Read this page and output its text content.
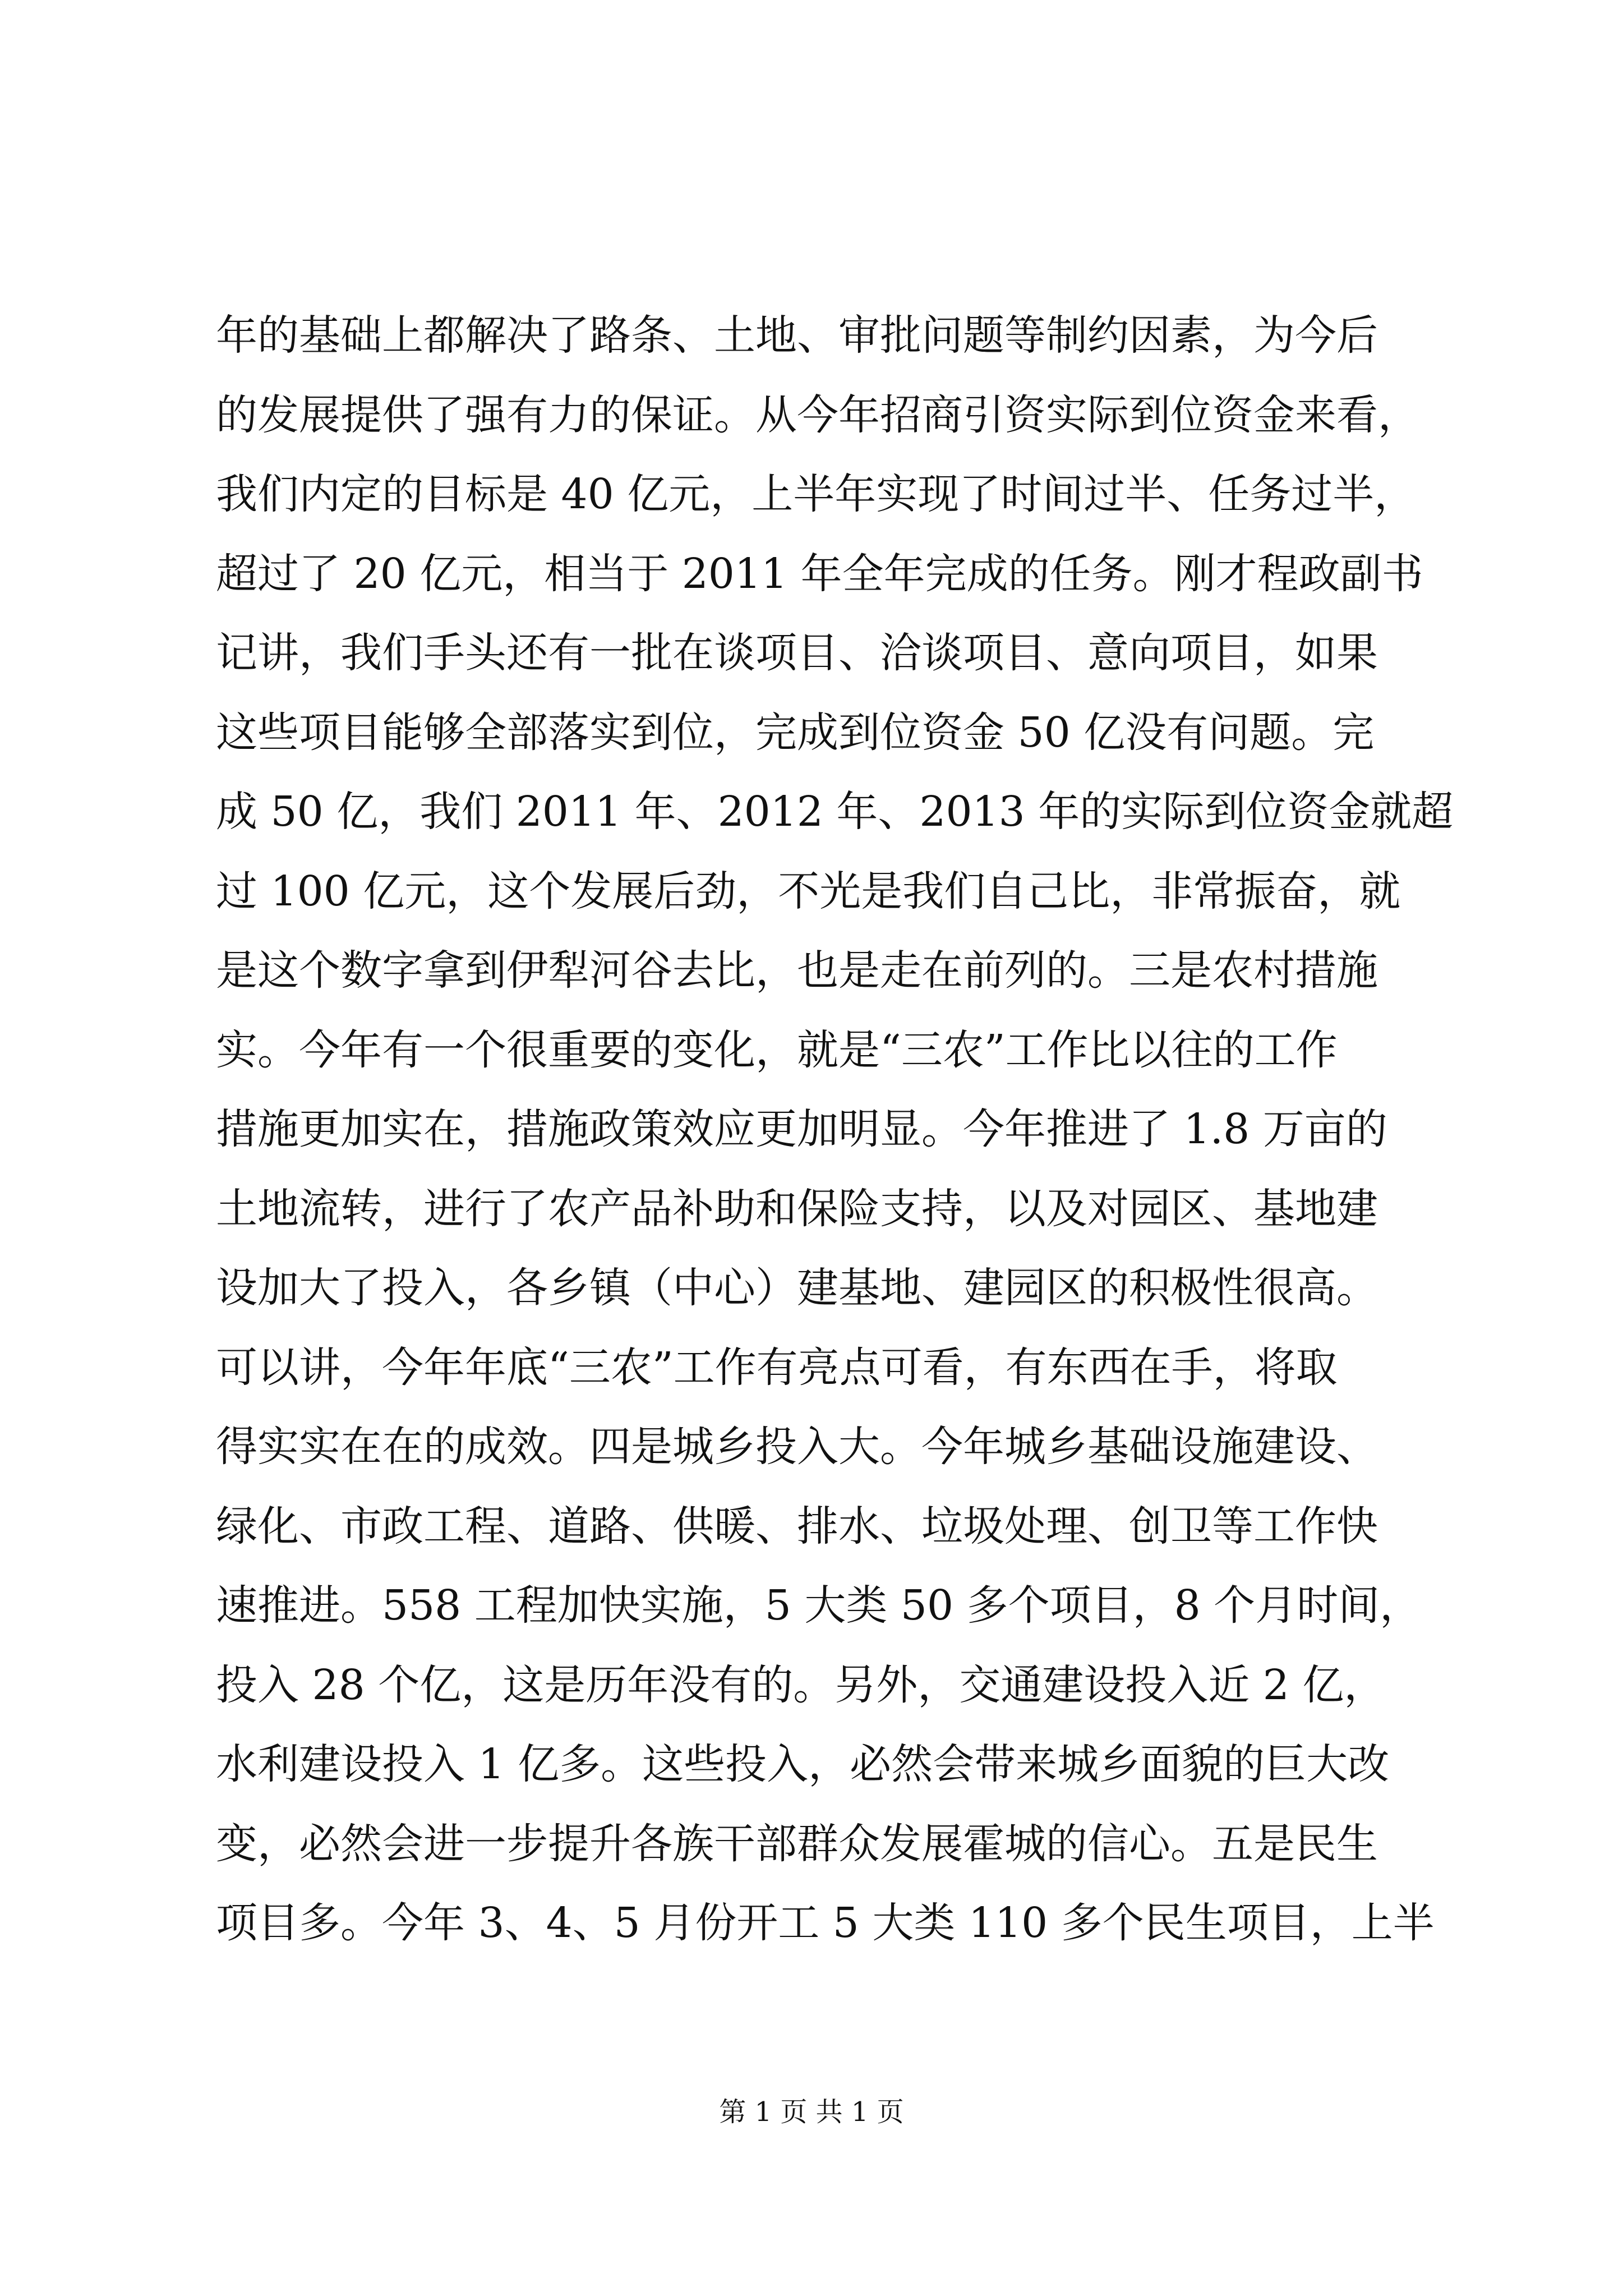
年的基础上都解决了路条、土地、审批问题等制约因素，为今后
的发展提供了强有力的保证。从今年招商引资实际到位资金来看，
我们内定的目标是 40 亿元，上半年实现了时间过半、任务过半，
超过了 20 亿元，相当于 2011 年全年完成的任务。刚才程政副书
记讲，我们手头还有一批在谈项目、洽谈项目、意向项目，如果
这些项目能够全部落实到位，完成到位资金 50 亿没有问题。完
成 50 亿，我们 2011 年、2012 年、2013 年的实际到位资金就超
过 100 亿元，这个发展后劲，不光是我们自己比，非常振奋，就
是这个数字拿到伊犁河谷去比，也是走在前列的。三是农村措施
实。今年有一个很重要的变化，就是“三农”工作比以往的工作
措施更加实在，措施政策效应更加明显。今年推进了 1.8 万亩的
土地流转，进行了农产品补助和保险支持，以及对园区、基地建
设加大了投入，各乡镇（中心）建基地、建园区的积极性很高。
可以讲，今年年底“三农”工作有亮点可看，有东西在手，将取
得实实在在的成效。四是城乡投入大。今年城乡基础设施建设、
绿化、市政工程、道路、供暖、排水、垃圾处理、创卫等工作快
速推进。558 工程加快实施，5 大类 50 多个项目，8 个月时间，
投入 28 个亿，这是历年没有的。另外，交通建设投入近 2 亿，
水利建设投入 1 亿多。这些投入，必然会带来城乡面貌的巨大改
变，必然会进一步提升各族干部群众发展霍城的信心。五是民生
项目多。今年 3、4、5 月份开工 5 大类 110 多个民生项目，上半
第 1 页 共 1 页
